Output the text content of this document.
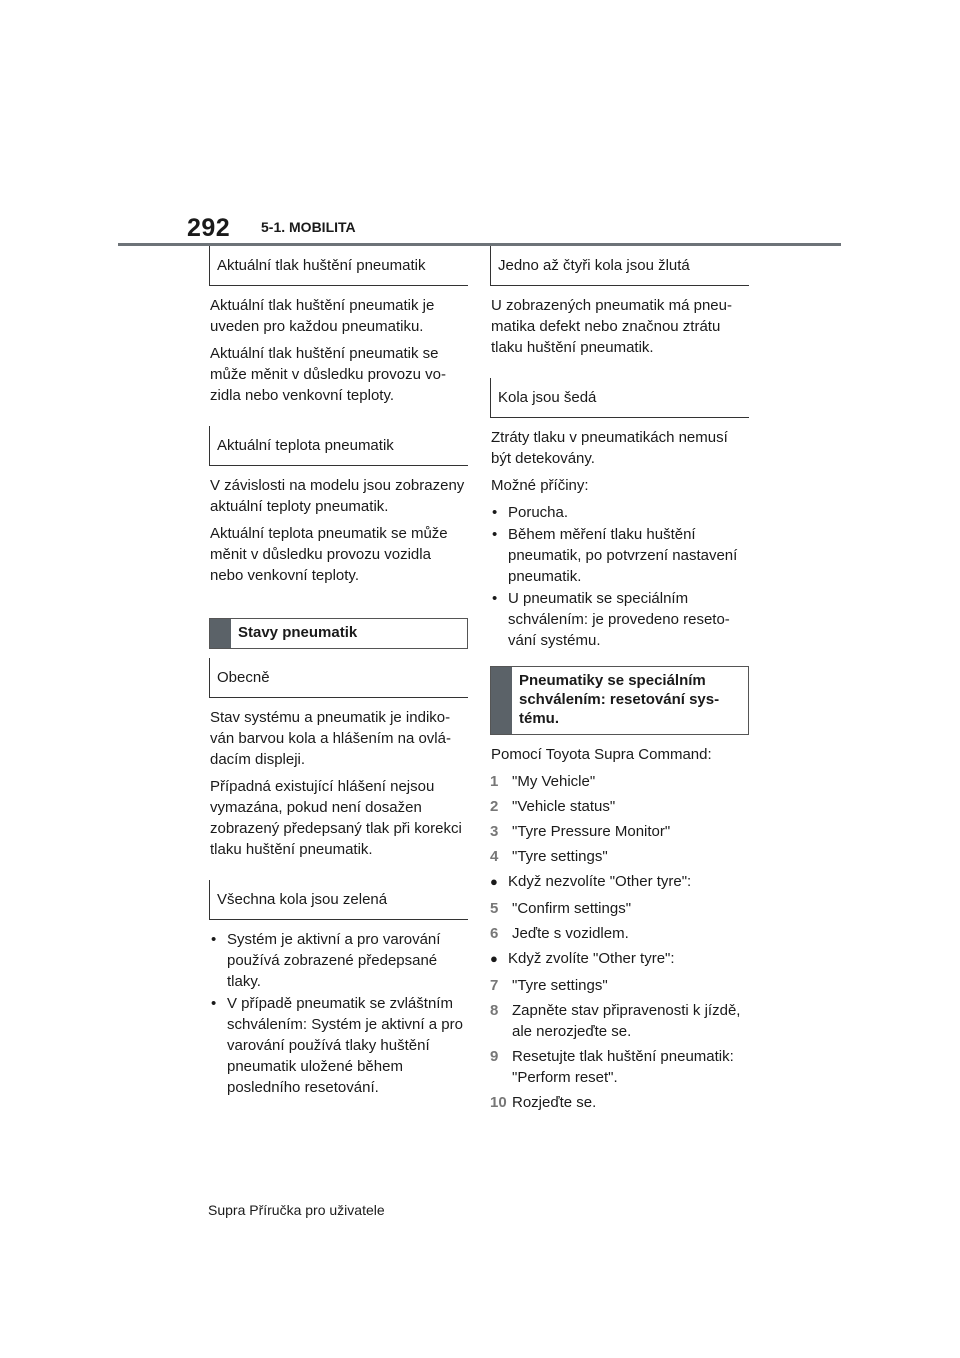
292 5-1. MOBILITA
Aktuální tlak huštění pneumatik

Aktuální tlak huštění pneumatik je uveden pro každou pneumatiku.

Aktuální tlak huštění pneumatik se může měnit v důsledku provozu vozidla nebo venkovní teploty.

Aktuální teplota pneumatik

V závislosti na modelu jsou zobrazeny aktuální teploty pneumatik.

Aktuální teplota pneumatik se může měnit v důsledku provozu vozidla nebo venkovní teploty.

Stavy pneumatik
Obecně

Stav systému a pneumatik je indikován barvou kola a hlášením na ovládacím displeji.

Případná existující hlášení nejsou vymazána, pokud není dosažen zobrazený předepsaný tlak při korekci tlaku huštění pneumatik.

Všechna kola jsou zelená
• Systém je aktivní a pro varování používá zobrazené předepsané tlaky.
• V případě pneumatik se zvláštním schválením: Systém je aktivní a pro varování používá tlaky huštění pneumatik uložené během posledního resetování.
Jedno až čtyři kola jsou žlutá

U zobrazených pneumatik má pneumatika defekt nebo značnou ztrátu tlaku huštění pneumatik.

Kola jsou šedá

Ztráty tlaku v pneumatikách nemusí být detekovány.

Možné příčiny:

• Porucha.
• Během měření tlaku huštění pneumatik, po potvrzení nastavení pneumatik.
• U pneumatik se speciálním schválením: je provedeno resetování systému.
Pneumatiky se speciálním schválením: resetování systému.

Pomocí Toyota Supra Command:

1 "My Vehicle"
2 "Vehicle status"
3 "Tyre Pressure Monitor"
4 "Tyre settings"
● Když nezvolíte "Other tyre":
5 "Confirm settings"
6 Jeďte s vozidlem.
● Když zvolíte "Other tyre":
7 "Tyre settings"
8 Zapněte stav připravenosti k jízdě, ale nerozjeďte se.
9 Resetujte tlak huštění pneumatik: "Perform reset".
10 Rozjeďte se.
Supra Příručka pro uživatele
